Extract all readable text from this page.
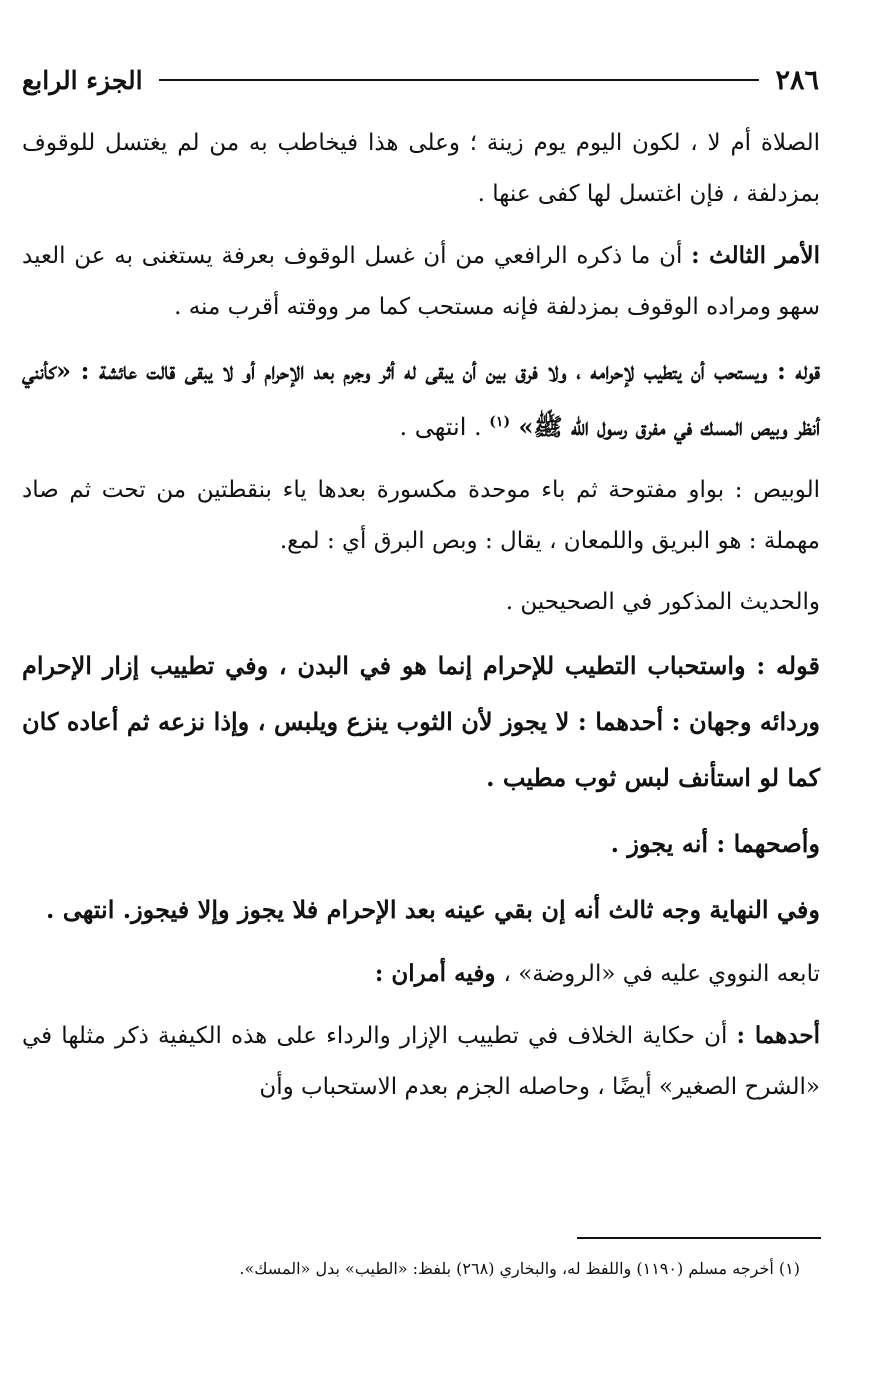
٢٨٦
الجزء الرابع

الصلاة أم لا ، لكون اليوم يوم زينة ؛ وعلى هذا فيخاطب به من لم يغتسل للوقوف بمزدلفة ، فإن اغتسل لها كفى عنها .

الأمر الثالث : أن ما ذكره الرافعي من أن غسل الوقوف بعرفة يستغنى به عن العيد سهو ومراده الوقوف بمزدلفة فإنه مستحب كما مر ووقته أقرب منه .

قوله : ويستحب أن يتطيب لإحرامه ، ولا فرق بين أن يبقى له أثر وجرم بعد الإحرام أو لا يبقى قالت عائشة : «كأنني أنظر وبيص المسك في مفرق رسول الله ﷺ» $^{(١)}$ . انتهى .

الوبيص : بواو مفتوحة ثم باء موحدة مكسورة بعدها ياء بنقطتين من تحت ثم صاد مهملة : هو البريق واللمعان ، يقال : وبص البرق أي : لمع.

والحديث المذكور في الصحيحين .

قوله : واستحباب التطيب للإحرام إنما هو في البدن ، وفي تطييب إزار الإحرام وردائه وجهان : أحدهما : لا يجوز لأن الثوب ينزع ويلبس ، وإذا نزعه ثم أعاده كان كما لو استأنف لبس ثوب مطيب .

وأصحهما : أنه يجوز .

وفي النهاية وجه ثالث أنه إن بقي عينه بعد الإحرام فلا يجوز وإلا فيجوز. انتهى .

تابعه النووي عليه في «الروضة» ، وفيه أمران :

أحدهما : أن حكاية الخلاف في تطييب الإزار والرداء على هذه الكيفية ذكر مثلها في «الشرح الصغير» أيضًا ، وحاصله الجزم بعدم الاستحباب وأن

(١) أخرجه مسلم (١١٩٠) واللفظ له، والبخاري (٢٦٨) بلفظ: «الطيب» بدل «المسك».
